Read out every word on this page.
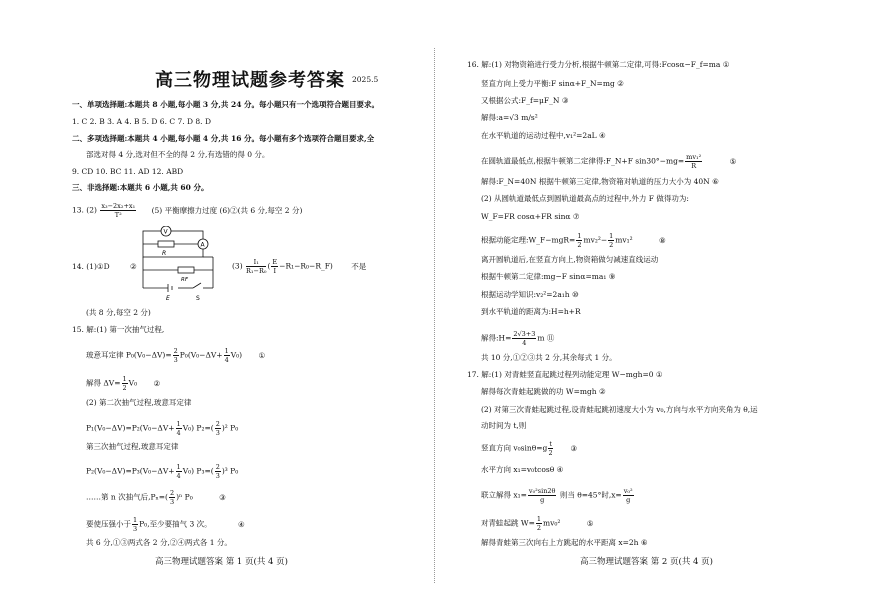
高三物理试题参考答案 2025.5
一、单项选择题:本题共 8 小题,每小题 3 分,共 24 分。每小题只有一个选项符合题目要求。
1. C 2. B 3. A 4. B 5. D 6. C 7. D 8. D
二、多项选择题:本题共 4 小题,每小题 4 分,共 16 分。每小题有多个选项符合题目要求,全
部选对得 4 分,选对但不全的得 2 分,有选错的得 0 分。
9. CD 10. BC 11. AD 12. ABD
三、非选择题:本题共 6 小题,共 60 分。
13. $(2) \frac{\text{x₃−2x₂+x₁}}{\text{T²}} (5)$ 平衡摩擦力过度 (6)②(共 6 分,每空 2 分)
14. (1)①D	②
V
A
R
RF
E	S
$(3) \frac{\text{I₁}}{\text{R₁−R₀}}$ ( $\frac{E}{I}$ −R₁−R₀−R_F) 不是
(共 8 分,每空 2 分)
15. 解:(1) 第一次抽气过程,
玻意耳定律 $P_0(V_0-\Delta V)= \frac{2}{3} P_0(V_0-\Delta V+ \frac{1}{4} V_0)$ ①
解得 $\Delta V= \frac{1}{2} V_0$ ②
(2) 第二次抽气过程,玻意耳定律
$P_1(V_0-\Delta V)=P_2(V_0-\Delta V+ \frac{1}{4} V_0)$ $P_2=( \frac{2}{3} )^2$ P₀
第三次抽气过程,玻意耳定律
$P_2(V_0-\Delta V)=P_3(V_0-\Delta V+ \frac{1}{4} V_0)$ $P_3=( \frac{2}{3} )^3$ P₀
……第 n 次抽气后$,P_n=( \frac{2}{3} )^n$ P₀	③
要使压强小于 $\frac{1}{3} P_0$,至少要抽气 3 次。	④
共 6 分,①③两式各 2 分,②④两式各 1 分。
高三物理试题答案 第 1 页(共 4 页)
16. 解:(1) 对物资箱进行受力分析,根据牛顿第二定律,可得:Fcosα−F_f=ma ①
竖直方向上受力平衡:F sinα+F_N=mg ②
又根据公式:F_f=μF_N ③
解得:a=√3 m/s²
在水平轨道的运动过程中,v₁²=2aL ④
在圆轨道最低点,根据牛顿第二定律得:F_N+F $\sin 30^\circ-mg= \frac{\text{mv₁²}}{R}$	⑤
解得:F_N=40N 根据牛顿第三定律,物资箱对轨道的压力大小为 40N ⑥
(2) 从圆轨道最低点到圆轨道最高点的过程中,外力 F 做得功为:
W_F=FR cosα+FR sinα ⑦
根据动能定理:W_F−mgR= $\frac{1}{2} mv_2^2- \frac{1}{2} mv_1^2$	⑧
离开圆轨道后,在竖直方向上,物资箱做匀减速直线运动
根据牛顿第二定律:mg−F sinα=ma₁ ⑨
根据运动学知识:v₂²=2a₁h ⑩
到水平轨道的距离为:H=h+R
解得:H= $\frac{2√3+3}{4}$ m ⑪
共 10 分,①②③共 2 分,其余每式 1 分。
17. 解:(1) 对青蛙竖直起跳过程列动能定理 W−mgh=0 ①
解得每次青蛙起跳做的功 W=mgh ②
(2) 对第三次青蛙起跳过程,设青蛙起跳初速度大小为 v₀,方向与水平方向夹角为 θ,运
动时间为 t,则
竖直方向 $v_0\sin\theta=g \frac{t}{2}$ ③
水平方向 x₁=v₀tcosθ ④
联立解得 $x_1= \frac{\text{v₀²sin2θ}}{g}$ 则当 θ=45°时$,x= \frac{\text{v₀²}}{g}$
对青蛙起跳 $W= \frac{1}{2} mv_0^2$	⑤
解得青蛙第三次向右上方跳起的水平距离 x=2h ⑥
高三物理试题答案 第 2 页(共 4 页)
